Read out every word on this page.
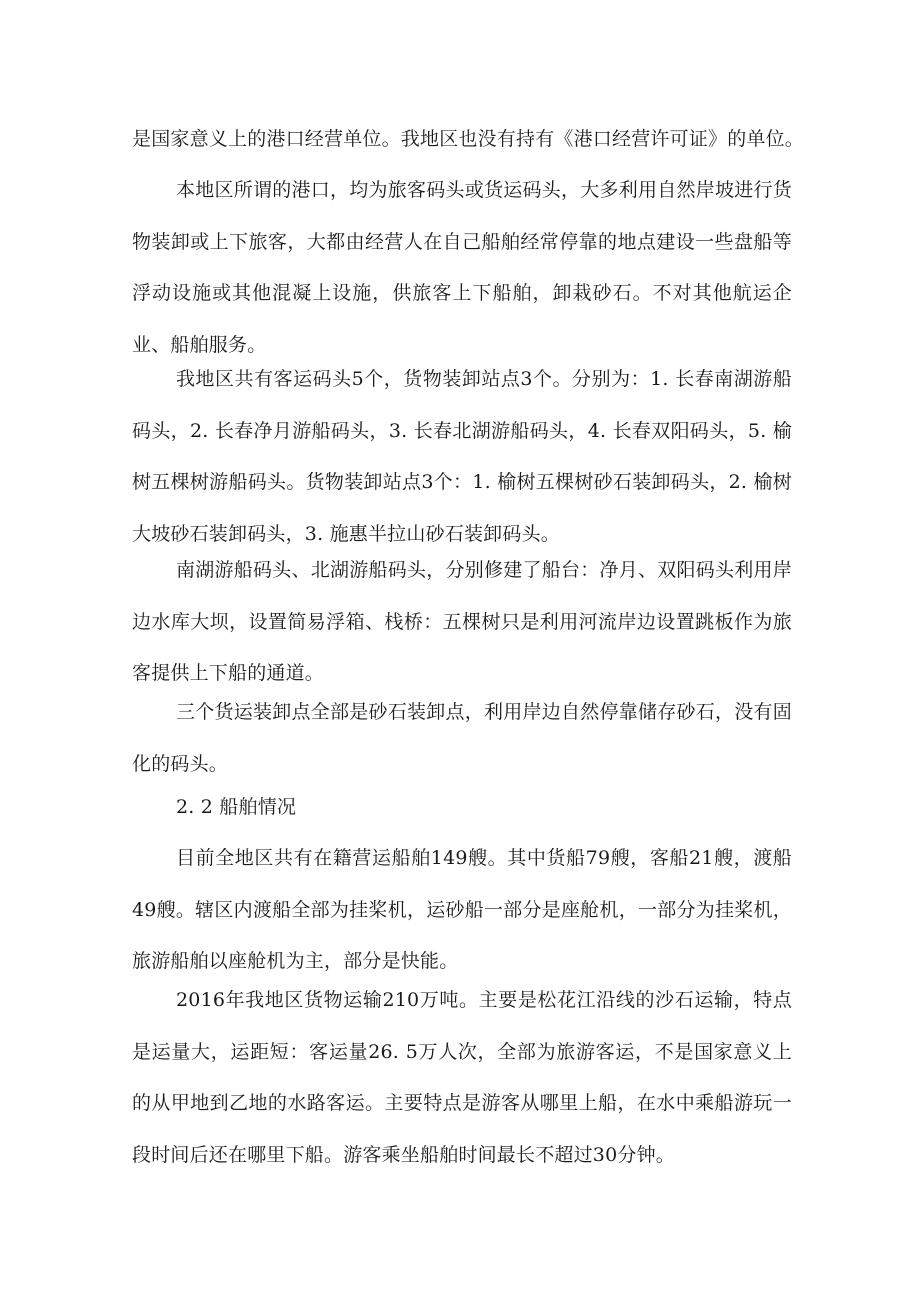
是国家意义上的港口经营单位。我地区也没有持有《港口经营许可证》的单位。

本地区所谓的港口，均为旅客码头或货运码头，大多利用自然岸坡进行货物装卸或上下旅客，大都由经营人在自己船舶经常停靠的地点建设一些盘船等浮动设施或其他混凝上设施，供旅客上下船舶，卸栽砂石。不对其他航运企业、船舶服务。

我地区共有客运码头5个，货物装卸站点3个。分别为：1. 长春南湖游船码头，2. 长春净月游船码头，3. 长春北湖游船码头，4. 长春双阳码头，5. 榆树五棵树游船码头。货物装卸站点3个：1. 榆树五棵树砂石装卸码头，2. 榆树大坡砂石装卸码头，3. 施惠半拉山砂石装卸码头。

南湖游船码头、北湖游船码头，分别修建了船台：净月、双阳码头利用岸边水库大坝，设置简易浮箱、栈桥：五棵树只是利用河流岸边设置跳板作为旅客提供上下船的通道。

三个货运装卸点全部是砂石装卸点，利用岸边自然停靠储存砂石，没有固化的码头。

2. 2 船舶情况

目前全地区共有在籍营运船舶149艘。其中货船79艘，客船21艘，渡船49艘。辖区内渡船全部为挂桨机，运砂船一部分是座舱机，一部分为挂桨机，旅游船舶以座舱机为主，部分是快能。

2016年我地区货物运输210万吨。主要是松花江沿线的沙石运输，特点是运量大，运距短：客运量26. 5万人次，全部为旅游客运，不是国家意义上的从甲地到乙地的水路客运。主要特点是游客从哪里上船，在水中乘船游玩一段时间后还在哪里下船。游客乘坐船舶时间最长不超过30分钟。
